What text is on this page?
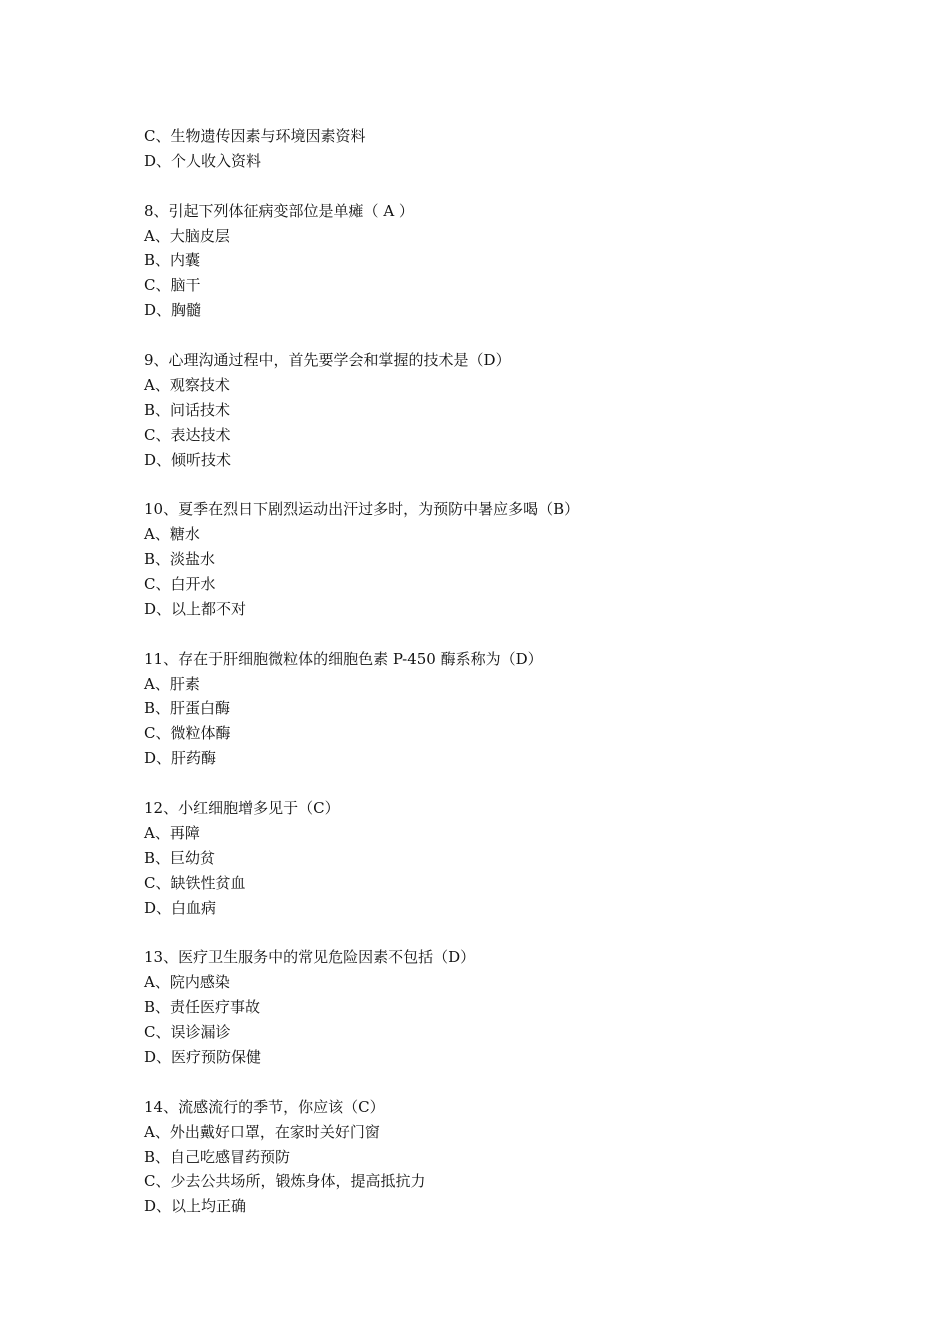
C、生物遗传因素与环境因素资料
D、个人收入资料
8、引起下列体征病变部位是单瘫（ A ）
A、大脑皮层
B、内囊
C、脑干
D、胸髓
9、心理沟通过程中，首先要学会和掌握的技术是（D）
A、观察技术
B、问话技术
C、表达技术
D、倾听技术
10、夏季在烈日下剧烈运动出汗过多时，为预防中暑应多喝（B）
A、糖水
B、淡盐水
C、白开水
D、以上都不对
11、存在于肝细胞微粒体的细胞色素 P-450 酶系称为（D）
A、肝素
B、肝蛋白酶
C、微粒体酶
D、肝药酶
12、小红细胞增多见于（C）
A、再障
B、巨幼贫
C、缺铁性贫血
D、白血病
13、医疗卫生服务中的常见危险因素不包括（D）
A、院内感染
B、责任医疗事故
C、误诊漏诊
D、医疗预防保健
14、流感流行的季节，你应该（C）
A、外出戴好口罩，在家时关好门窗
B、自己吃感冒药预防
C、少去公共场所，锻炼身体，提高抵抗力
D、以上均正确
